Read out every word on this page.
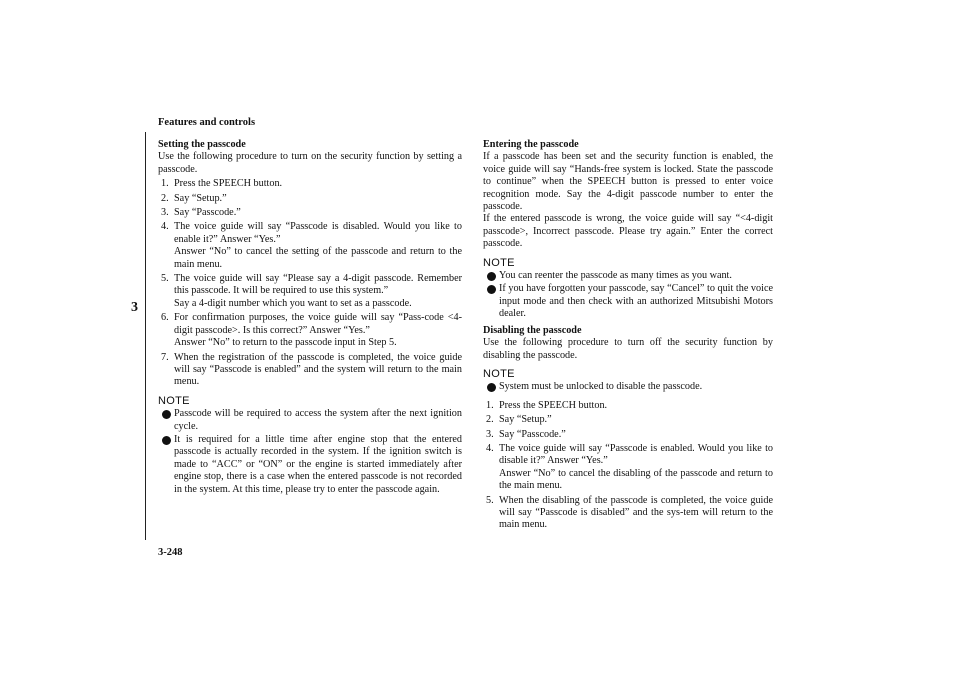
Features and controls
3
Setting the passcode

Use the following procedure to turn on the security function by setting a passcode.

1. Press the SPEECH button.
2. Say “Setup.”
3. Say “Passcode.”
4. The voice guide will say “Passcode is disabled. Would you like to enable it?” Answer “Yes.”
Answer “No” to cancel the setting of the passcode and return to the main menu.
5. The voice guide will say “Please say a 4-digit passcode. Remember this passcode. It will be required to use this system.”
Say a 4-digit number which you want to set as a passcode.
6. For confirmation purposes, the voice guide will say “Pass-code <4-digit passcode>. Is this correct?” Answer “Yes.”
Answer “No” to return to the passcode input in Step 5.
7. When the registration of the passcode is completed, the voice guide will say “Passcode is enabled” and the system will return to the main menu.
NOTE
Passcode will be required to access the system after the next ignition cycle.
It is required for a little time after engine stop that the entered passcode is actually recorded in the system. If the ignition switch is made to “ACC” or “ON” or the engine is started immediately after engine stop, there is a case when the entered passcode is not recorded in the system. At this time, please try to enter the passcode again.
Entering the passcode

If a passcode has been set and the security function is enabled, the voice guide will say “Hands-free system is locked. State the passcode to continue” when the SPEECH button is pressed to enter voice recognition mode. Say the 4-digit passcode number to enter the passcode.

If the entered passcode is wrong, the voice guide will say “<4-digit passcode>, Incorrect passcode. Please try again.” Enter the correct passcode.

NOTE
You can reenter the passcode as many times as you want.
If you have forgotten your passcode, say “Cancel” to quit the voice input mode and then check with an authorized Mitsubishi Motors dealer.
Disabling the passcode

Use the following procedure to turn off the security function by disabling the passcode.

NOTE
System must be unlocked to disable the passcode.
1. Press the SPEECH button.
2. Say “Setup.”
3. Say “Passcode.”
4. The voice guide will say “Passcode is enabled. Would you like to disable it?” Answer “Yes.”
Answer “No” to cancel the disabling of the passcode and return to the main menu.
5. When the disabling of the passcode is completed, the voice guide will say “Passcode is disabled” and the sys-tem will return to the main menu.
3-248
